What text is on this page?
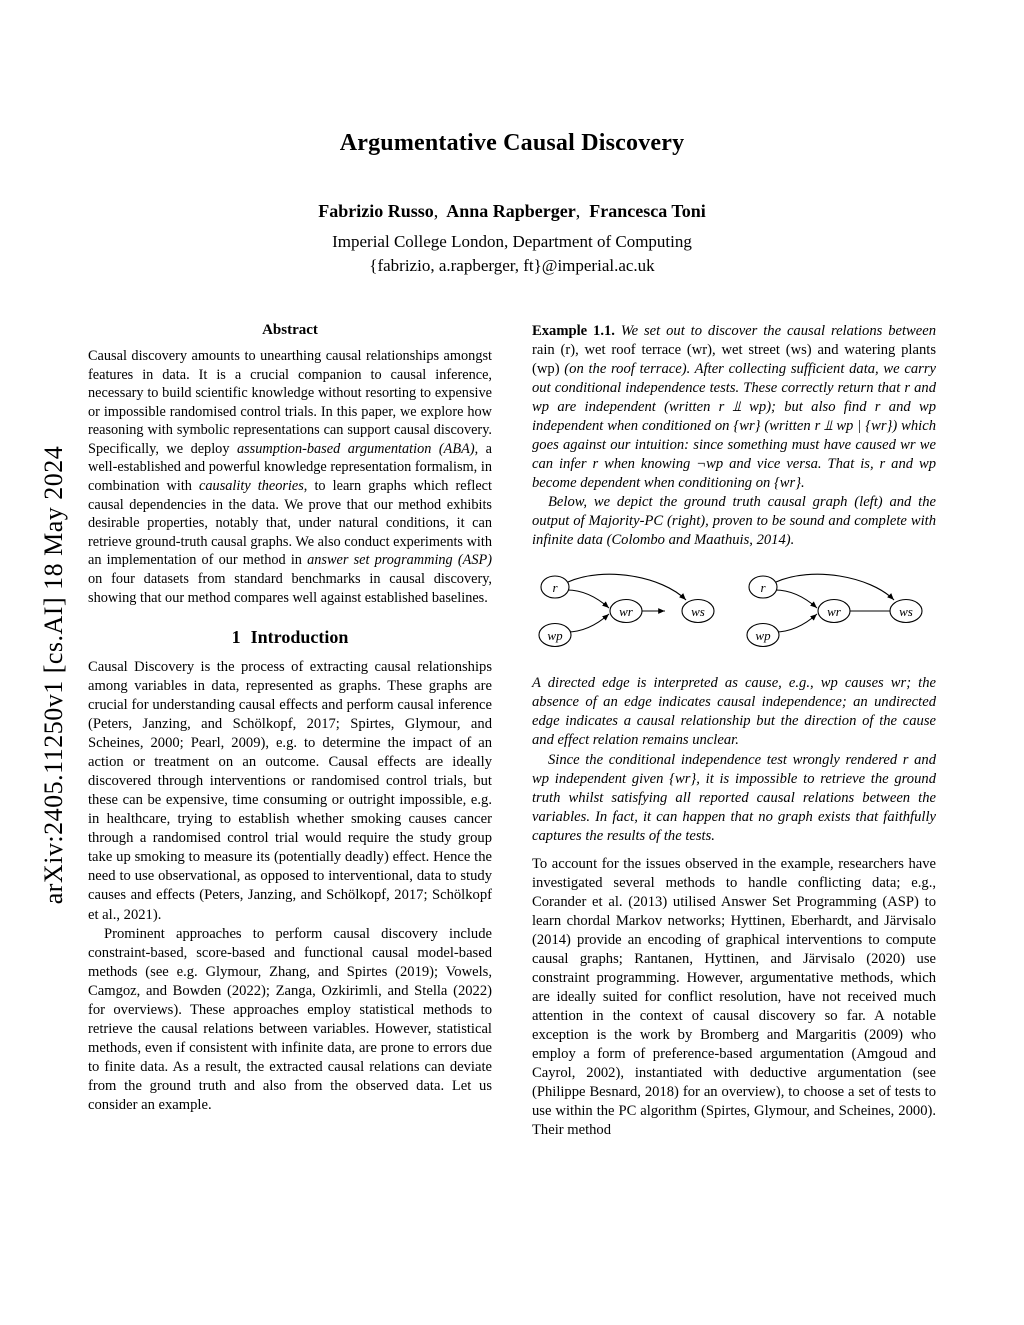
arXiv:2405.11250v1 [cs.AI] 18 May 2024
Argumentative Causal Discovery
Fabrizio Russo, Anna Rapberger, Francesca Toni
Imperial College London, Department of Computing
{fabrizio, a.rapberger, ft}@imperial.ac.uk
Abstract
Causal discovery amounts to unearthing causal relationships amongst features in data. It is a crucial companion to causal inference, necessary to build scientific knowledge without resorting to expensive or impossible randomised control trials. In this paper, we explore how reasoning with symbolic representations can support causal discovery. Specifically, we deploy assumption-based argumentation (ABA), a well-established and powerful knowledge representation formalism, in combination with causality theories, to learn graphs which reflect causal dependencies in the data. We prove that our method exhibits desirable properties, notably that, under natural conditions, it can retrieve ground-truth causal graphs. We also conduct experiments with an implementation of our method in answer set programming (ASP) on four datasets from standard benchmarks in causal discovery, showing that our method compares well against established baselines.
1 Introduction

Causal Discovery is the process of extracting causal relationships among variables in data, represented as graphs. These graphs are crucial for understanding causal effects and perform causal inference (Peters, Janzing, and Schölkopf, 2017; Spirtes, Glymour, and Scheines, 2000; Pearl, 2009), e.g. to determine the impact of an action or treatment on an outcome. Causal effects are ideally discovered through interventions or randomised control trials, but these can be expensive, time consuming or outright impossible, e.g. in healthcare, trying to establish whether smoking causes cancer through a randomised control trial would require the study group take up smoking to measure its (potentially deadly) effect. Hence the need to use observational, as opposed to interventional, data to study causes and effects (Peters, Janzing, and Schölkopf, 2017; Schölkopf et al., 2021).

Prominent approaches to perform causal discovery include constraint-based, score-based and functional causal model-based methods (see e.g. Glymour, Zhang, and Spirtes (2019); Vowels, Camgoz, and Bowden (2022); Zanga, Ozkirimli, and Stella (2022) for overviews). These approaches employ statistical methods to retrieve the causal relations between variables. However, statistical methods, even if consistent with infinite data, are prone to errors due to finite data. As a result, the extracted causal relations can deviate from the ground truth and also from the observed data. Let us consider an example.

Example 1.1. We set out to discover the causal relations between rain (r), wet roof terrace (wr), wet street (ws) and watering plants (wp) (on the roof terrace). After collecting sufficient data, we carry out conditional independence tests. These correctly return that r and wp are independent (written r ⫫ wp); but also find r and wp independent when conditioned on {wr} (written r ⫫ wp | {wr}) which goes against our intuition: since something must have caused wr we can infer r when knowing ¬wp and vice versa. That is, r and wp become dependent when conditioning on {wr}.

Below, we depict the ground truth causal graph (left) and the output of Majority-PC (right), proven to be sound and complete with infinite data (Colombo and Maathuis, 2014).

r
wp
wr	ws
r
wp
wr	ws

A directed edge is interpreted as cause, e.g., wp causes wr; the absence of an edge indicates causal independence; an undirected edge indicates a causal relationship but the direction of the cause and effect relation remains unclear.

Since the conditional independence test wrongly rendered r and wp independent given {wr}, it is impossible to retrieve the ground truth whilst satisfying all reported causal relations between the variables. In fact, it can happen that no graph exists that faithfully captures the results of the tests.

To account for the issues observed in the example, researchers have investigated several methods to handle conflicting data; e.g., Corander et al. (2013) utilised Answer Set Programming (ASP) to learn chordal Markov networks; Hyttinen, Eberhardt, and Järvisalo (2014) provide an encoding of graphical interventions to compute causal graphs; Rantanen, Hyttinen, and Järvisalo (2020) use constraint programming. However, argumentative methods, which are ideally suited for conflict resolution, have not received much attention in the context of causal discovery so far. A notable exception is the work by Bromberg and Margaritis (2009) who employ a form of preference-based argumentation (Amgoud and Cayrol, 2002), instantiated with deductive argumentation (see (Philippe Besnard, 2018) for an overview), to choose a set of tests to use within the PC algorithm (Spirtes, Glymour, and Scheines, 2000). Their method
